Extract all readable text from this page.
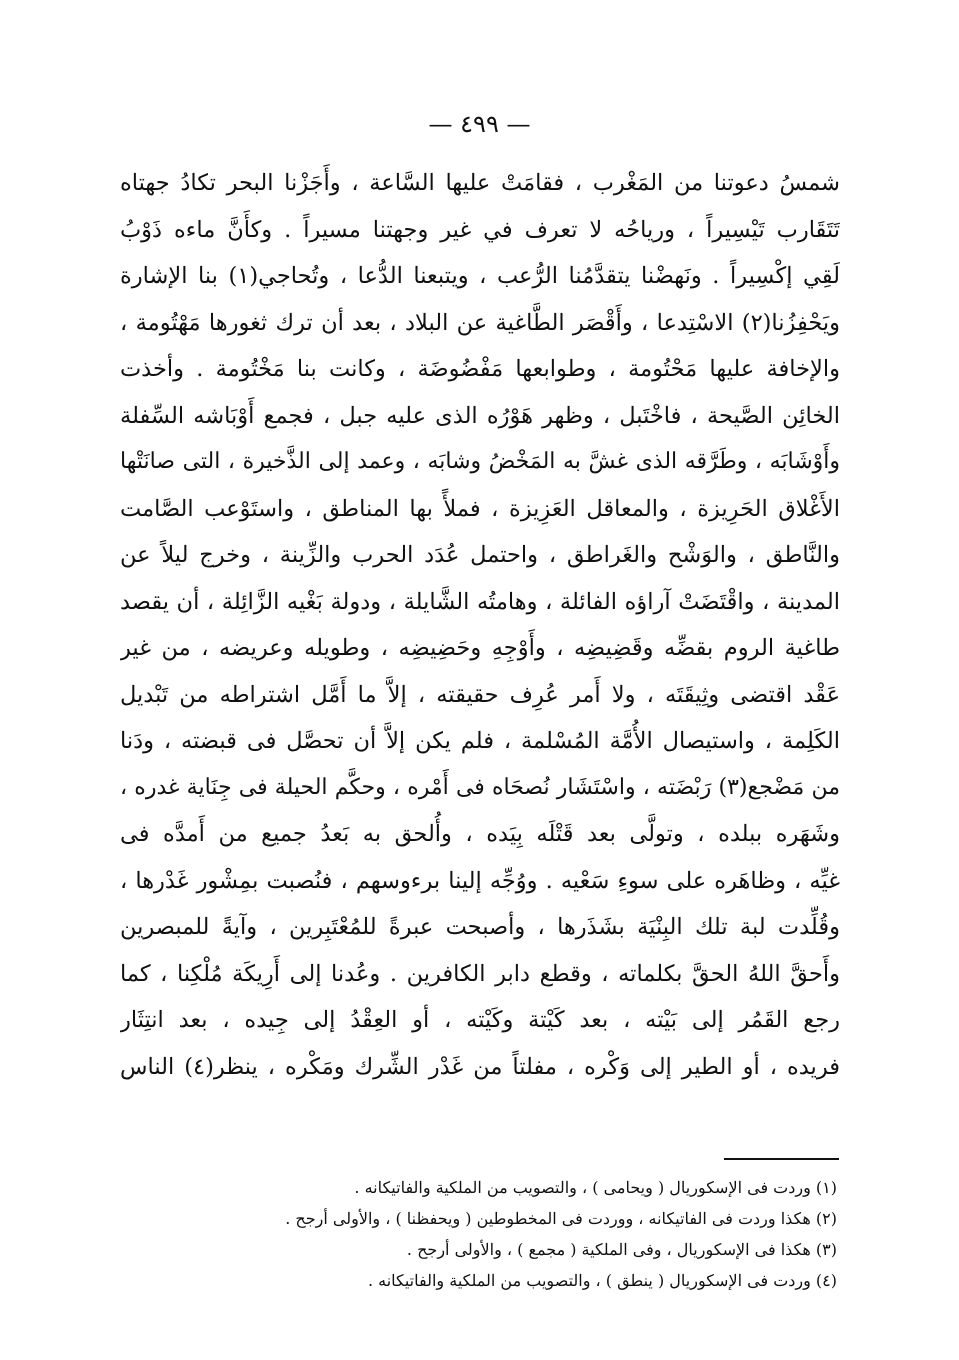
— ٤٩٩ —
شمسُ دعوتنا من المَغْرب ، فقامَتْ عليها السَّاعة ، وأَجَزْنا البحر تكادُ جهتاه
تَتَقَارب تَيْسِيراً ، ورياحُه لا تعرف في غير وجهتنا مسيراً . وكأَنَّ ماءه ذَوْبُ
لَقِي إكْسِيراً . ونَهضْنا يتقدَّمُنا الرُّعب ، ويتبعنا الدُّعا ، وتُحاجي(١) بنا الإشارة
ويَحْفِزُنا(٢) الاسْتِدعا ، وأَقْصَر الطَّاغية عن البلاد ، بعد أن ترك ثغورها مَهْتُومة ،
والإخافة عليها مَحْتُومة ، وطوابعها مَفْضُوضَة ، وكانت بنا مَخْتُومة . وأخذت
الخائِن الصَّيحة ، فاخْتَبل ، وظهر هَوْرُه الذى عليه جبل ، فجمع أَوْبَاشه السِّفلة
وأَوْشَابَه ، وطَرَّقه الذى غشَّ به المَخْضُ وشابَه ، وعمد إلى الذَّخيرة ، التى صانَتْها
الأَغْلاق الحَرِيزة ، والمعاقل العَزِيزة ، فملأً بها المناطق ، واستَوْعب الصَّامت
والنَّاطق ، والوَشْح والغَراطق ، واحتمل عُدَد الحرب والزِّينة ، وخرج ليلاً عن
المدينة ، واقْتَضَتْ آراؤه الفائلة ، وهامتُه الشَّايلة ، ودولة بَغْيه الزَّائِلة ، أن يقصد
طاغية الروم بقضِّه وقَضِيضِه ، وأَوْجِهِ وحَضِيضِه ، وطويله وعريضه ، من غير
عَقْد اقتضى وثِيقَتَه ، ولا أَمر عُرِف حقيقته ، إلاَّ ما أَمَّل اشتراطه من تَبْديل
الكَلِمة ، واستيصال الأُمَّة المُسْلمة ، فلم يكن إلاَّ أن تحصَّل فى قبضته ، ودَنا
من مَضْجع(٣) رَبْضَته ، واسْتَشَار نُصحَاه فى أَمْره ، وحكَّم الحيلة فى جِنَاية غدره ،
وشَهَره ببلده ، وتولَّى بعد قَتْلَه بِيَده ، وأُلحق به بَعدُ جميع من أَمدَّه فى
غيِّه ، وظاهَره على سوءِ سَعْيه . ووُجِّه إلينا برءوسهم ، فنُصبت بمِشْور غَدْرها ،
وقُلِّدت لبة تلك البِنْيَة بشَذَرها ، وأصبحت عبرةً للمُعْتَبِرين ، وآيةً للمبصرين
وأَحقَّ اللهُ الحقَّ بكلماته ، وقطع دابر الكافرين . وعُدنا إلى أَرِيكَة مُلْكِنا ، كما
رجع القَمُر إلى بَيْته ، بعد كَيْتة وكَيْته ، أو العِقْدُ إلى جِيده ، بعد انتِثَار
فريده ، أو الطير إلى وَكْره ، مفلتاً من غَدْر الشِّرك ومَكْره ، ينظر(٤) الناس
(١) وردت فى الإسكوريال ( ويحامى ) ، والتصويب من الملكية والفاتيكانه .
(٢) هكذا وردت فى الفاتيكانه ، ووردت فى المخطوطين ( ويحفظنا ) ، والأولى أرجح .
(٣) هكذا فى الإسكوريال ، وفى الملكية ( مجمع ) ، والأولى أرجح .
(٤) وردت فى الإسكوريال ( ينطق ) ، والتصويب من الملكية والفاتيكانه .
